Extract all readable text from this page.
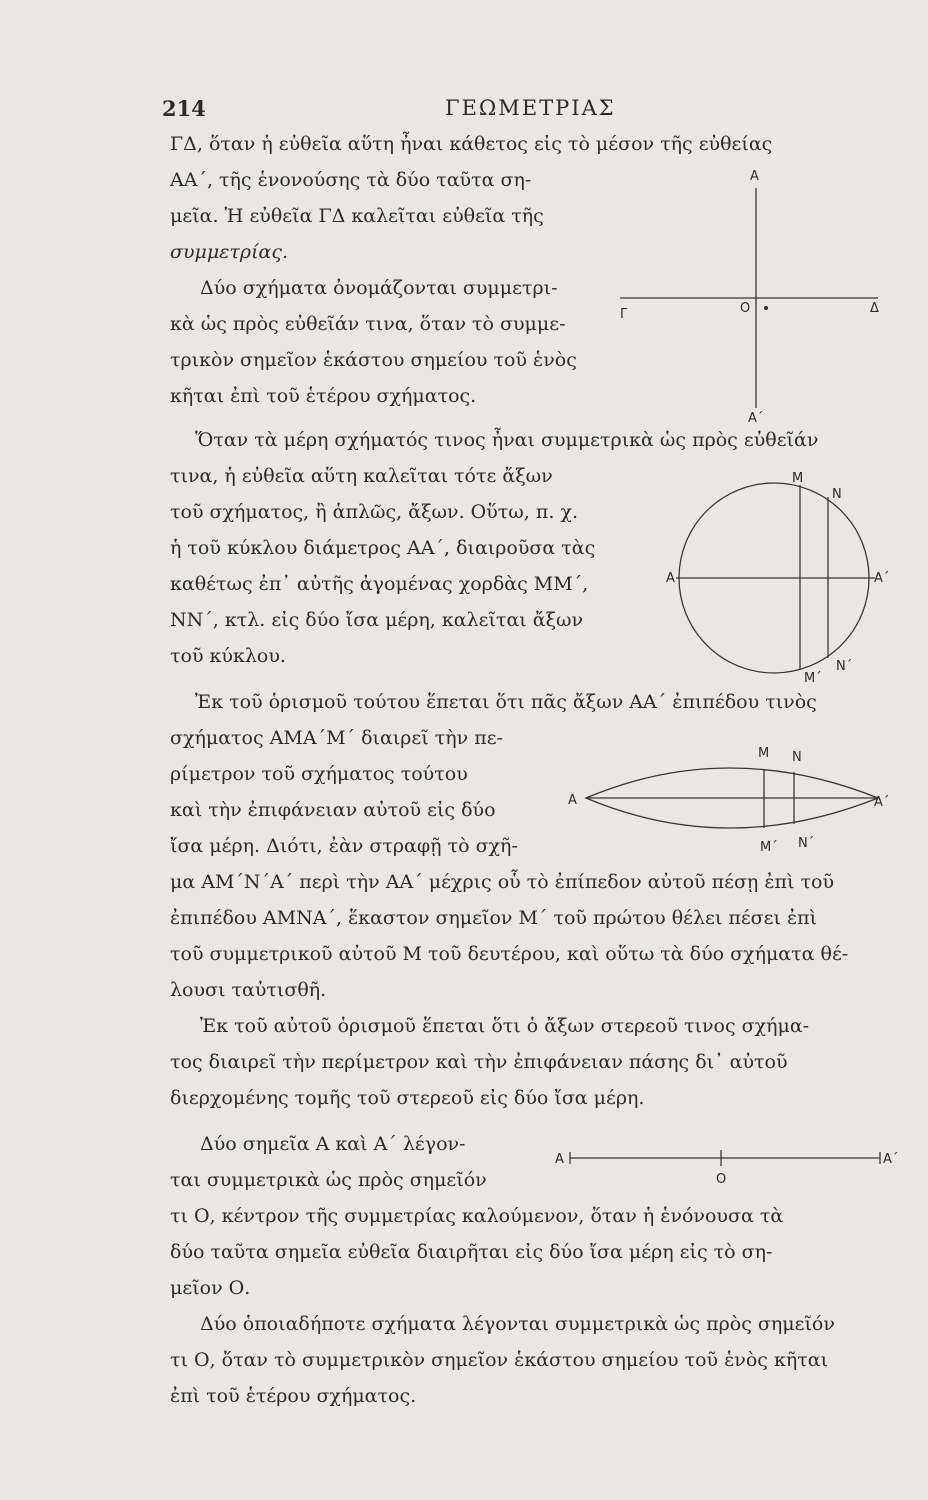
214	ΓΕΩΜΕΤΡΙΑΣ
ΓΔ, ὅταν ἡ εὐθεῖα αὕτη ἦναι κάθετος εἰς τὸ μέσον τῆς εὐθείας
ΑΑ΄, τῆς ἑνονούσης τὰ δύο ταῦτα ση-
μεῖα. Ἡ εὐθεῖα ΓΔ καλεῖται εὐθεῖα τῆς
συμμετρίας.
Δύο σχήματα ὀνομάζονται συμμετρι-
κὰ ὡς πρὸς εὐθεῖάν τινα, ὅταν τὸ συμμε-
τρικὸν σημεῖον ἑκάστου σημείου τοῦ ἑνὸς
κῆται ἐπὶ τοῦ ἑτέρου σχήματος.
Ὅταν τὰ μέρη σχήματός τινος ἦναι συμμετρικὰ ὡς πρὸς εὐθεῖάν
τινα, ἡ εὐθεῖα αὕτη καλεῖται τότε ἄξων
τοῦ σχήματος, ἢ ἁπλῶς, ἄξων. Οὕτω, π. χ.
ἡ τοῦ κύκλου διάμετρος ΑΑ΄, διαιροῦσα τὰς
καθέτως ἐπ᾽ αὐτῆς ἀγομένας χορδὰς ΜΜ΄,
ΝΝ΄, κτλ. εἰς δύο ἴσα μέρη, καλεῖται ἄξων
τοῦ κύκλου.
Ἐκ τοῦ ὁρισμοῦ τούτου ἕπεται ὅτι πᾶς ἄξων ΑΑ΄ ἐπιπέδου τινὸς
σχήματος ΑΜΑ΄Μ΄ διαιρεῖ τὴν πε-
ρίμετρον τοῦ σχήματος τούτου
καὶ τὴν ἐπιφάνειαν αὐτοῦ εἰς δύο
ἴσα μέρη. Διότι, ἐὰν στραφῇ τὸ σχῆ-
μα ΑΜ΄Ν΄Α΄ περὶ τὴν ΑΑ΄ μέχρις οὗ τὸ ἐπίπεδον αὐτοῦ πέσῃ ἐπὶ τοῦ
ἐπιπέδου ΑΜΝΑ΄, ἕκαστον σημεῖον Μ΄ τοῦ πρώτου θέλει πέσει ἐπὶ
τοῦ συμμετρικοῦ αὐτοῦ Μ τοῦ δευτέρου, καὶ οὕτω τὰ δύο σχήματα θέ-
λουσι ταὐτισθῆ.
Ἐκ τοῦ αὐτοῦ ὁρισμοῦ ἕπεται ὅτι ὁ ἄξων στερεοῦ τινος σχήμα-
τος διαιρεῖ τὴν περίμετρον καὶ τὴν ἐπιφάνειαν πάσης δι᾽ αὐτοῦ
διερχομένης τομῆς τοῦ στερεοῦ εἰς δύο ἴσα μέρη.
Δύο σημεῖα Α καὶ Α΄ λέγον-
ται συμμετρικὰ ὡς πρὸς σημεῖόν
τι Ο, κέντρον τῆς συμμετρίας καλούμενον, ὅταν ἡ ἑνόνουσα τὰ
δύο ταῦτα σημεῖα εὐθεῖα διαιρῆται εἰς δύο ἴσα μέρη εἰς τὸ ση-
μεῖον Ο.
Δύο ὁποιαδήποτε σχήματα λέγονται συμμετρικὰ ὡς πρὸς σημεῖόν
τι Ο, ὅταν τὸ συμμετρικὸν σημεῖον ἑκάστου σημείου τοῦ ἑνὸς κῆται
ἐπὶ τοῦ ἑτέρου σχήματος.
A
Γ	O	Δ
A΄
M
N
A	A΄
N΄
M΄
M N
A	A΄
M΄ N΄
A
O
A΄
